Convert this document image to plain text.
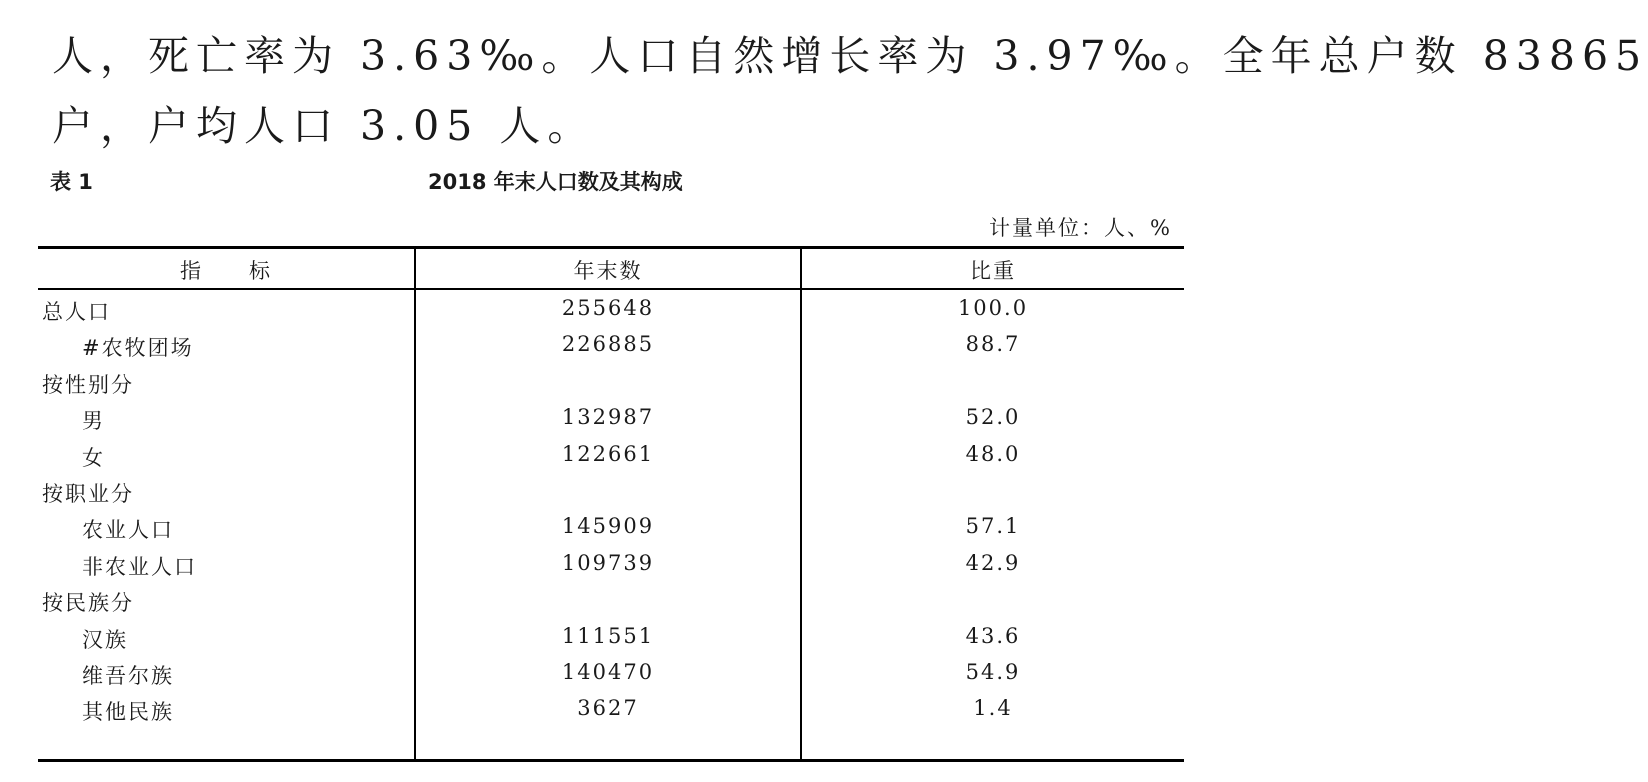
人，死亡率为 3.63‰。人口自然增长率为 3.97‰。全年总户数 83865
户，户均人口 3.05 人。
表 1	2018 年末人口数及其构成
计量单位：人、%
指　　标	年末数	比重
总人口	255648	100.0
#农牧团场	226885	88.7
按性别分
男	132987	52.0
女	122661	48.0
按职业分
农业人口	145909	57.1
非农业人口	109739	42.9
按民族分
汉族	111551	43.6
维吾尔族	140470	54.9
其他民族	3627	1.4
